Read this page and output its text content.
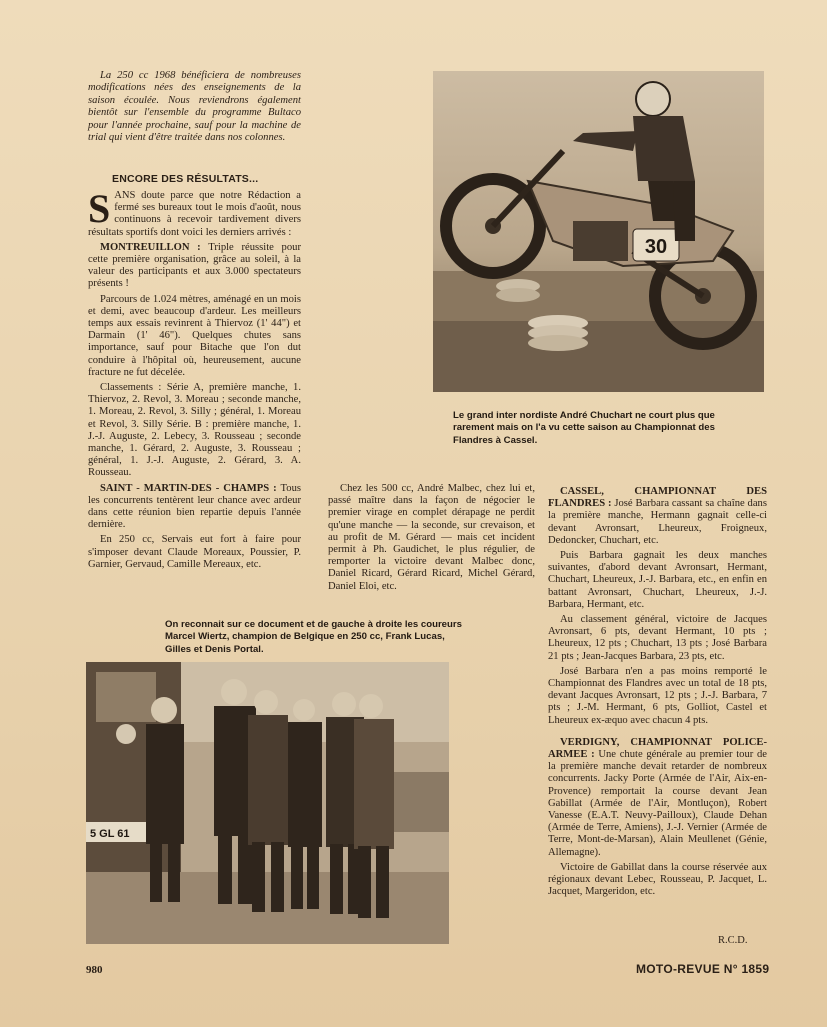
La 250 cc 1968 bénéficiera de nombreuses modifications nées des enseignements de la saison écoulée. Nous reviendrons également bientôt sur l'ensemble du programme Bultaco pour l'année prochaine, sauf pour la machine de trial qui vient d'être traitée dans nos colonnes.

ENCORE DES RÉSULTATS...

SANS doute parce que notre Rédaction a fermé ses bureaux tout le mois d'août, nous continuons à recevoir tardivement divers résultats sportifs dont voici les derniers arrivés :

MONTREUILLON : Triple réussite pour cette première organisation, grâce au soleil, à la valeur des participants et aux 3.000 spectateurs présents !

Parcours de 1.024 mètres, aménagé en un mois et demi, avec beaucoup d'ardeur. Les meilleurs temps aux essais revinrent à Thiervoz (1' 44") et Darmain (1' 46"). Quelques chutes sans importance, sauf pour Bitache que l'on dut conduire à l'hôpital où, heureusement, aucune fracture ne fut décelée.

Classements : Série A, première manche, 1. Thiervoz, 2. Revol, 3. Moreau ; seconde manche, 1. Moreau, 2. Revol, 3. Silly ; général, 1. Moreau et Revol, 3. Silly Série. B : première manche, 1. J.-J. Auguste, 2. Lebecy, 3. Rousseau ; seconde manche, 1. Gérard, 2. Auguste, 3. Rousseau ; général, 1. J.-J. Auguste, 2. Gérard, 3. A. Rousseau.

SAINT - MARTIN-DES - CHAMPS : Tous les concurrents tentèrent leur chance avec ardeur dans cette réunion bien repartie depuis l'année dernière.

En 250 cc, Servais eut fort à faire pour s'imposer devant Claude Moreaux, Poussier, P. Garnier, Gervaud, Camille Mereaux, etc.

30
Le grand inter nordiste André Chuchart ne court plus que rarement mais on l'a vu cette saison au Championnat des Flandres à Cassel.

Chez les 500 cc, André Malbec, chez lui et, passé maître dans la façon de négocier le premier virage en complet dérapage ne perdit qu'une manche — la seconde, sur crevaison, et au profit de M. Gérard — mais cet incident permit à Ph. Gaudichet, le plus régulier, de remporter la victoire devant Malbec donc, Daniel Ricard, Gérard Ricard, Michel Gérard, Daniel Eloi, etc.

On reconnait sur ce document et de gauche à droite les coureurs Marcel Wiertz, champion de Belgique en 250 cc, Frank Lucas, Gilles et Denis Portal.
5 GL 61

CASSEL, CHAMPIONNAT DES FLANDRES : José Barbara cassant sa chaîne dans la première manche, Hermann gagnait celle-ci devant Avronsart, Lheureux, Froigneux, Dedoncker, Chuchart, etc.

Puis Barbara gagnait les deux manches suivantes, d'abord devant Avronsart, Hermant, Chuchart, Lheureux, J.-J. Barbara, etc., en enfin en battant Avronsart, Chuchart, Lheureux, J.-J. Barbara, Hermant, etc.

Au classement général, victoire de Jacques Avronsart, 6 pts, devant Hermant, 10 pts ; Lheureux, 12 pts ; Chuchart, 13 pts ; José Barbara 21 pts ; Jean-Jacques Barbara, 23 pts, etc.

José Barbara n'en a pas moins remporté le Championnat des Flandres avec un total de 18 pts, devant Jacques Avronsart, 12 pts ; J.-J. Barbara, 7 pts ; J.-M. Hermant, 6 pts, Golliot, Castel et Lheureux ex-æquo avec chacun 4 pts.

VERDIGNY, CHAMPIONNAT POLICE-ARMEE : Une chute générale au premier tour de la première manche devait retarder de nombreux concurrents. Jacky Porte (Armée de l'Air, Aix-en-Provence) remportait la course devant Jean Gabillat (Armée de l'Air, Montluçon), Robert Vanesse (E.A.T. Neuvy-Pailloux), Claude Dehan (Armée de Terre, Amiens), J.-J. Vernier (Armée de Terre, Mont-de-Marsan), Alain Meullenet (Génie, Allemagne).

Victoire de Gabillat dans la course réservée aux régionaux devant Lebec, Rousseau, P. Jacquet, L. Jacquet, Margeridon, etc.

R.C.D.
980	MOTO-REVUE N° 1859
